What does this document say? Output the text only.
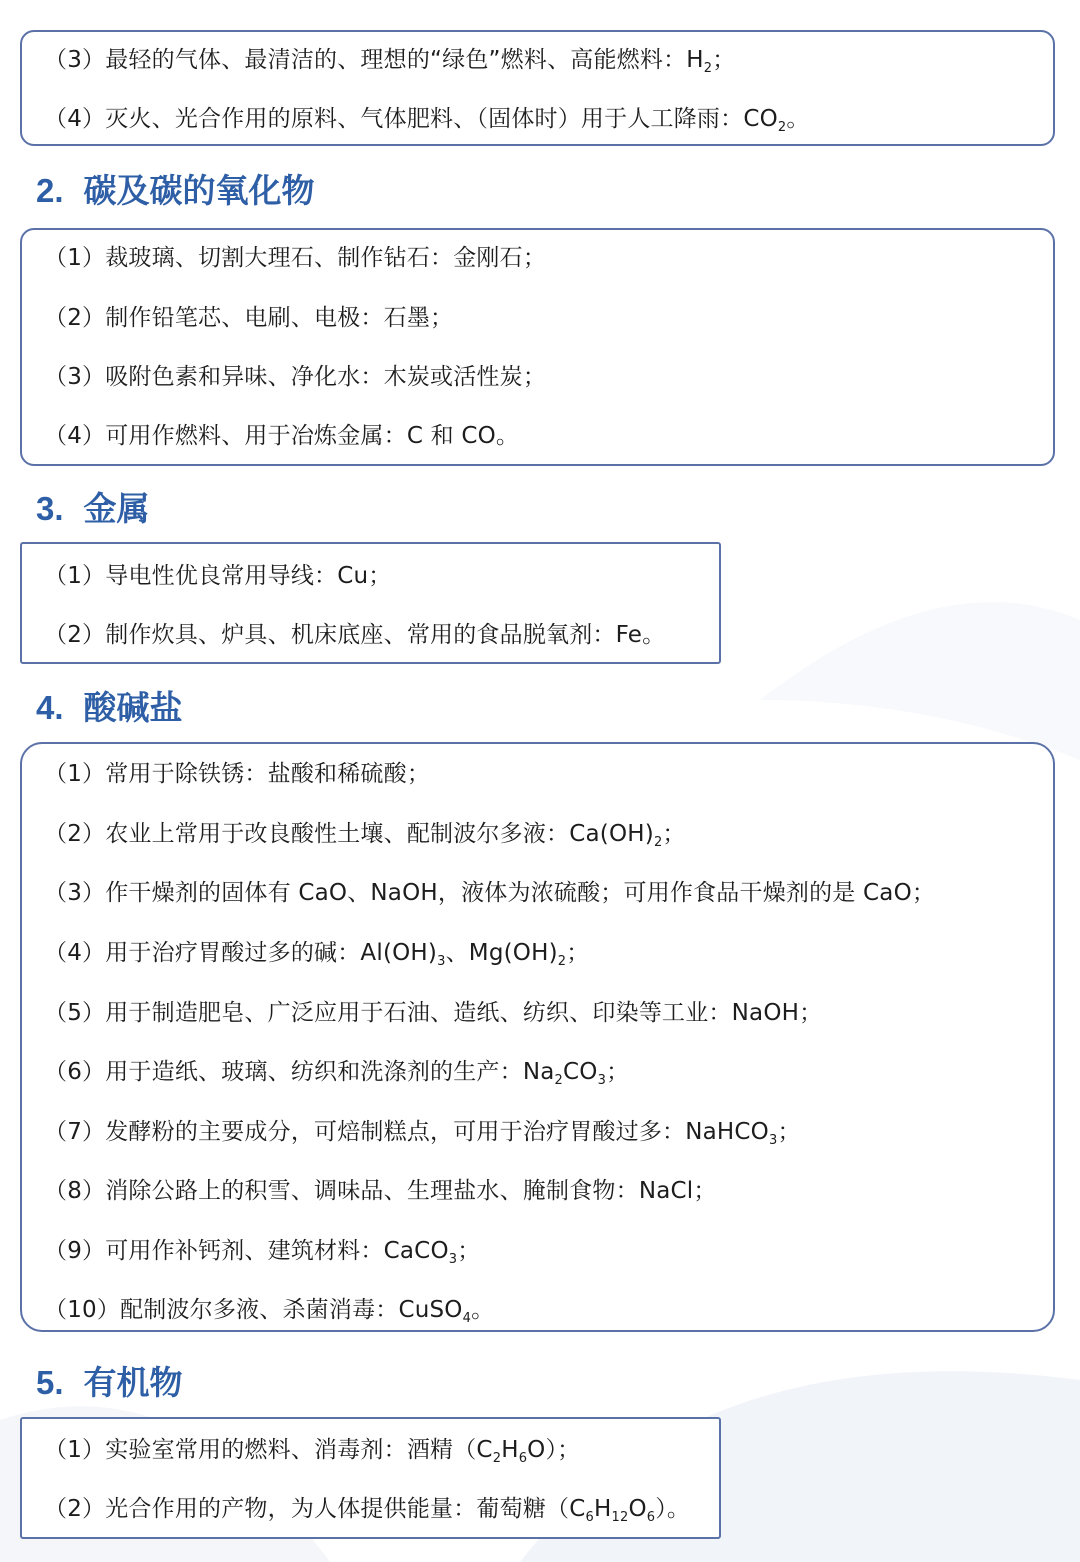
（3）最轻的气体、最清洁的、理想的“绿色”燃料、高能燃料：$H_2$；
（4）灭火、光合作用的原料、气体肥料、（固体时）用于人工降雨：$CO_2$。
2. 碳及碳的氧化物
（1）裁玻璃、切割大理石、制作钻石：金刚石；
（2）制作铅笔芯、电刷、电极：石墨；
（3）吸附色素和异味、净化水：木炭或活性炭；
（4）可用作燃料、用于冶炼金属：C 和 CO。
3. 金属
（1）导电性优良常用导线：Cu；
（2）制作炊具、炉具、机床底座、常用的食品脱氧剂：Fe。
4. 酸碱盐
（1）常用于除铁锈：盐酸和稀硫酸；
（2）农业上常用于改良酸性土壤、配制波尔多液：$Ca(OH)_2$；
（3）作干燥剂的固体有 CaO、NaOH，液体为浓硫酸；可用作食品干燥剂的是 CaO；
（4）用于治疗胃酸过多的碱：$Al(OH)_3$、$Mg(OH)_2$；
（5）用于制造肥皂、广泛应用于石油、造纸、纺织、印染等工业：NaOH；
（6）用于造纸、玻璃、纺织和洗涤剂的生产：$Na_2CO_3$；
（7）发酵粉的主要成分，可焙制糕点，可用于治疗胃酸过多：NaHCO$_3$；
（8）消除公路上的积雪、调味品、生理盐水、腌制食物：NaCl；
（9）可用作补钙剂、建筑材料：CaCO$_3$；
（10）配制波尔多液、杀菌消毒：CuSO$_4$。
5. 有机物
（1）实验室常用的燃料、消毒剂：酒精$(C_2H_6O)$；
（2）光合作用的产物，为人体提供能量：葡萄糖$(C_6H_{12}O_6)$。
